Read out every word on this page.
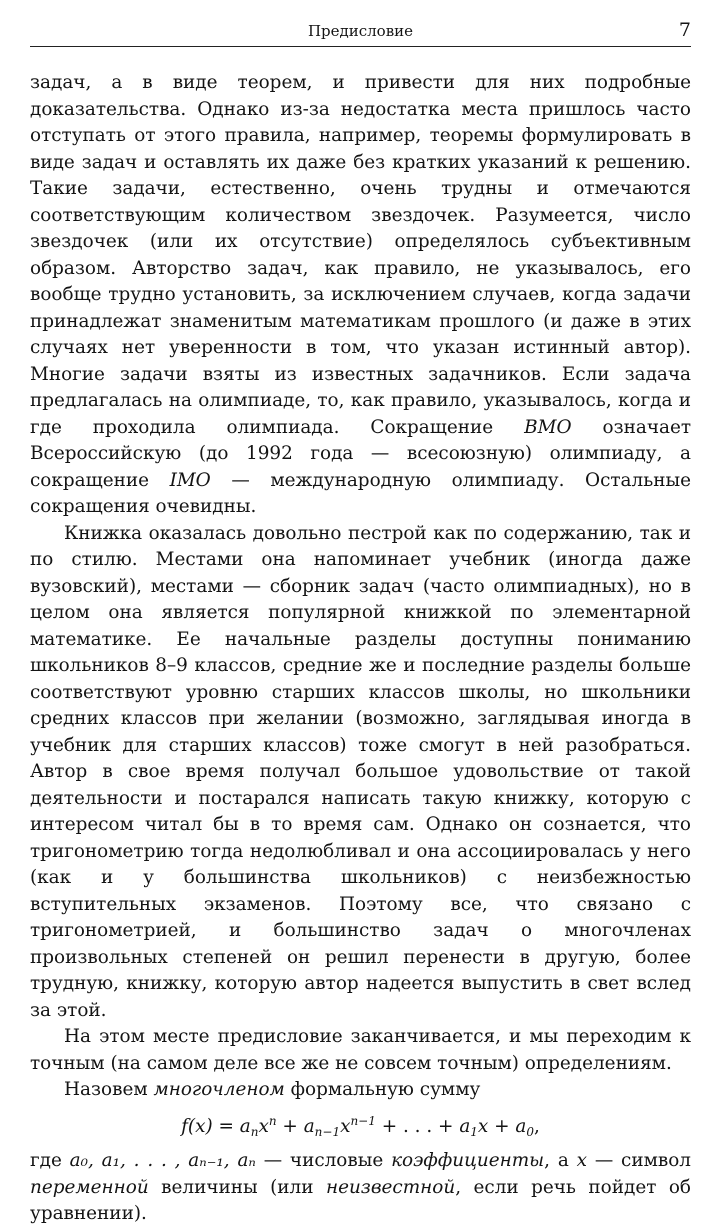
Предисловие	7

задач, а в виде теорем, и привести для них подробные доказательства. Однако из-за недостатка места пришлось часто отступать от этого правила, например, теоремы формулировать в виде задач и оставлять их даже без кратких указаний к решению. Такие задачи, естественно, очень трудны и отмечаются соответствующим количеством звездочек. Разумеется, число звездочек (или их отсутствие) определялось субъективным образом. Авторство задач, как правило, не указывалось, его вообще трудно установить, за исключением случаев, когда задачи принадлежат знаменитым математикам прошлого (и даже в этих случаях нет уверенности в том, что указан истинный автор). Многие задачи взяты из известных задачников. Если задача предлагалась на олимпиаде, то, как правило, указывалось, когда и где проходила олимпиада. Сокращение ВМО означает Всероссийскую (до 1992 года — всесоюзную) олимпиаду, а сокращение IMO — международную олимпиаду. Остальные сокращения очевидны.

Книжка оказалась довольно пестрой как по содержанию, так и по стилю. Местами она напоминает учебник (иногда даже вузовский), местами — сборник задач (часто олимпиадных), но в целом она является популярной книжкой по элементарной математике. Ее начальные разделы доступны пониманию школьников 8–9 классов, средние же и последние разделы больше соответствуют уровню старших классов школы, но школьники средних классов при желании (возможно, заглядывая иногда в учебник для старших классов) тоже смогут в ней разобраться. Автор в свое время получал большое удовольствие от такой деятельности и постарался написать такую книжку, которую с интересом читал бы в то время сам. Однако он сознается, что тригонометрию тогда недолюбливал и она ассоциировалась у него (как и у большинства школьников) с неизбежностью вступительных экзаменов. Поэтому все, что связано с тригонометрией, и большинство задач о многочленах произвольных степеней он решил перенести в другую, более трудную, книжку, которую автор надеется выпустить в свет вслед за этой.

На этом месте предисловие заканчивается, и мы переходим к точным (на самом деле все же не совсем точным) определениям.

Назовем многочленом формальную сумму

$f(x) = a_nx^n + a_{n-1}x^{n-1}$ + . . . + $a_1x + a_0$,

где a₀, a₁, . . . , aₙ₋₁, aₙ — числовые коэффициенты, а x — символ переменной величины (или неизвестной, если речь пойдет об уравнении).
